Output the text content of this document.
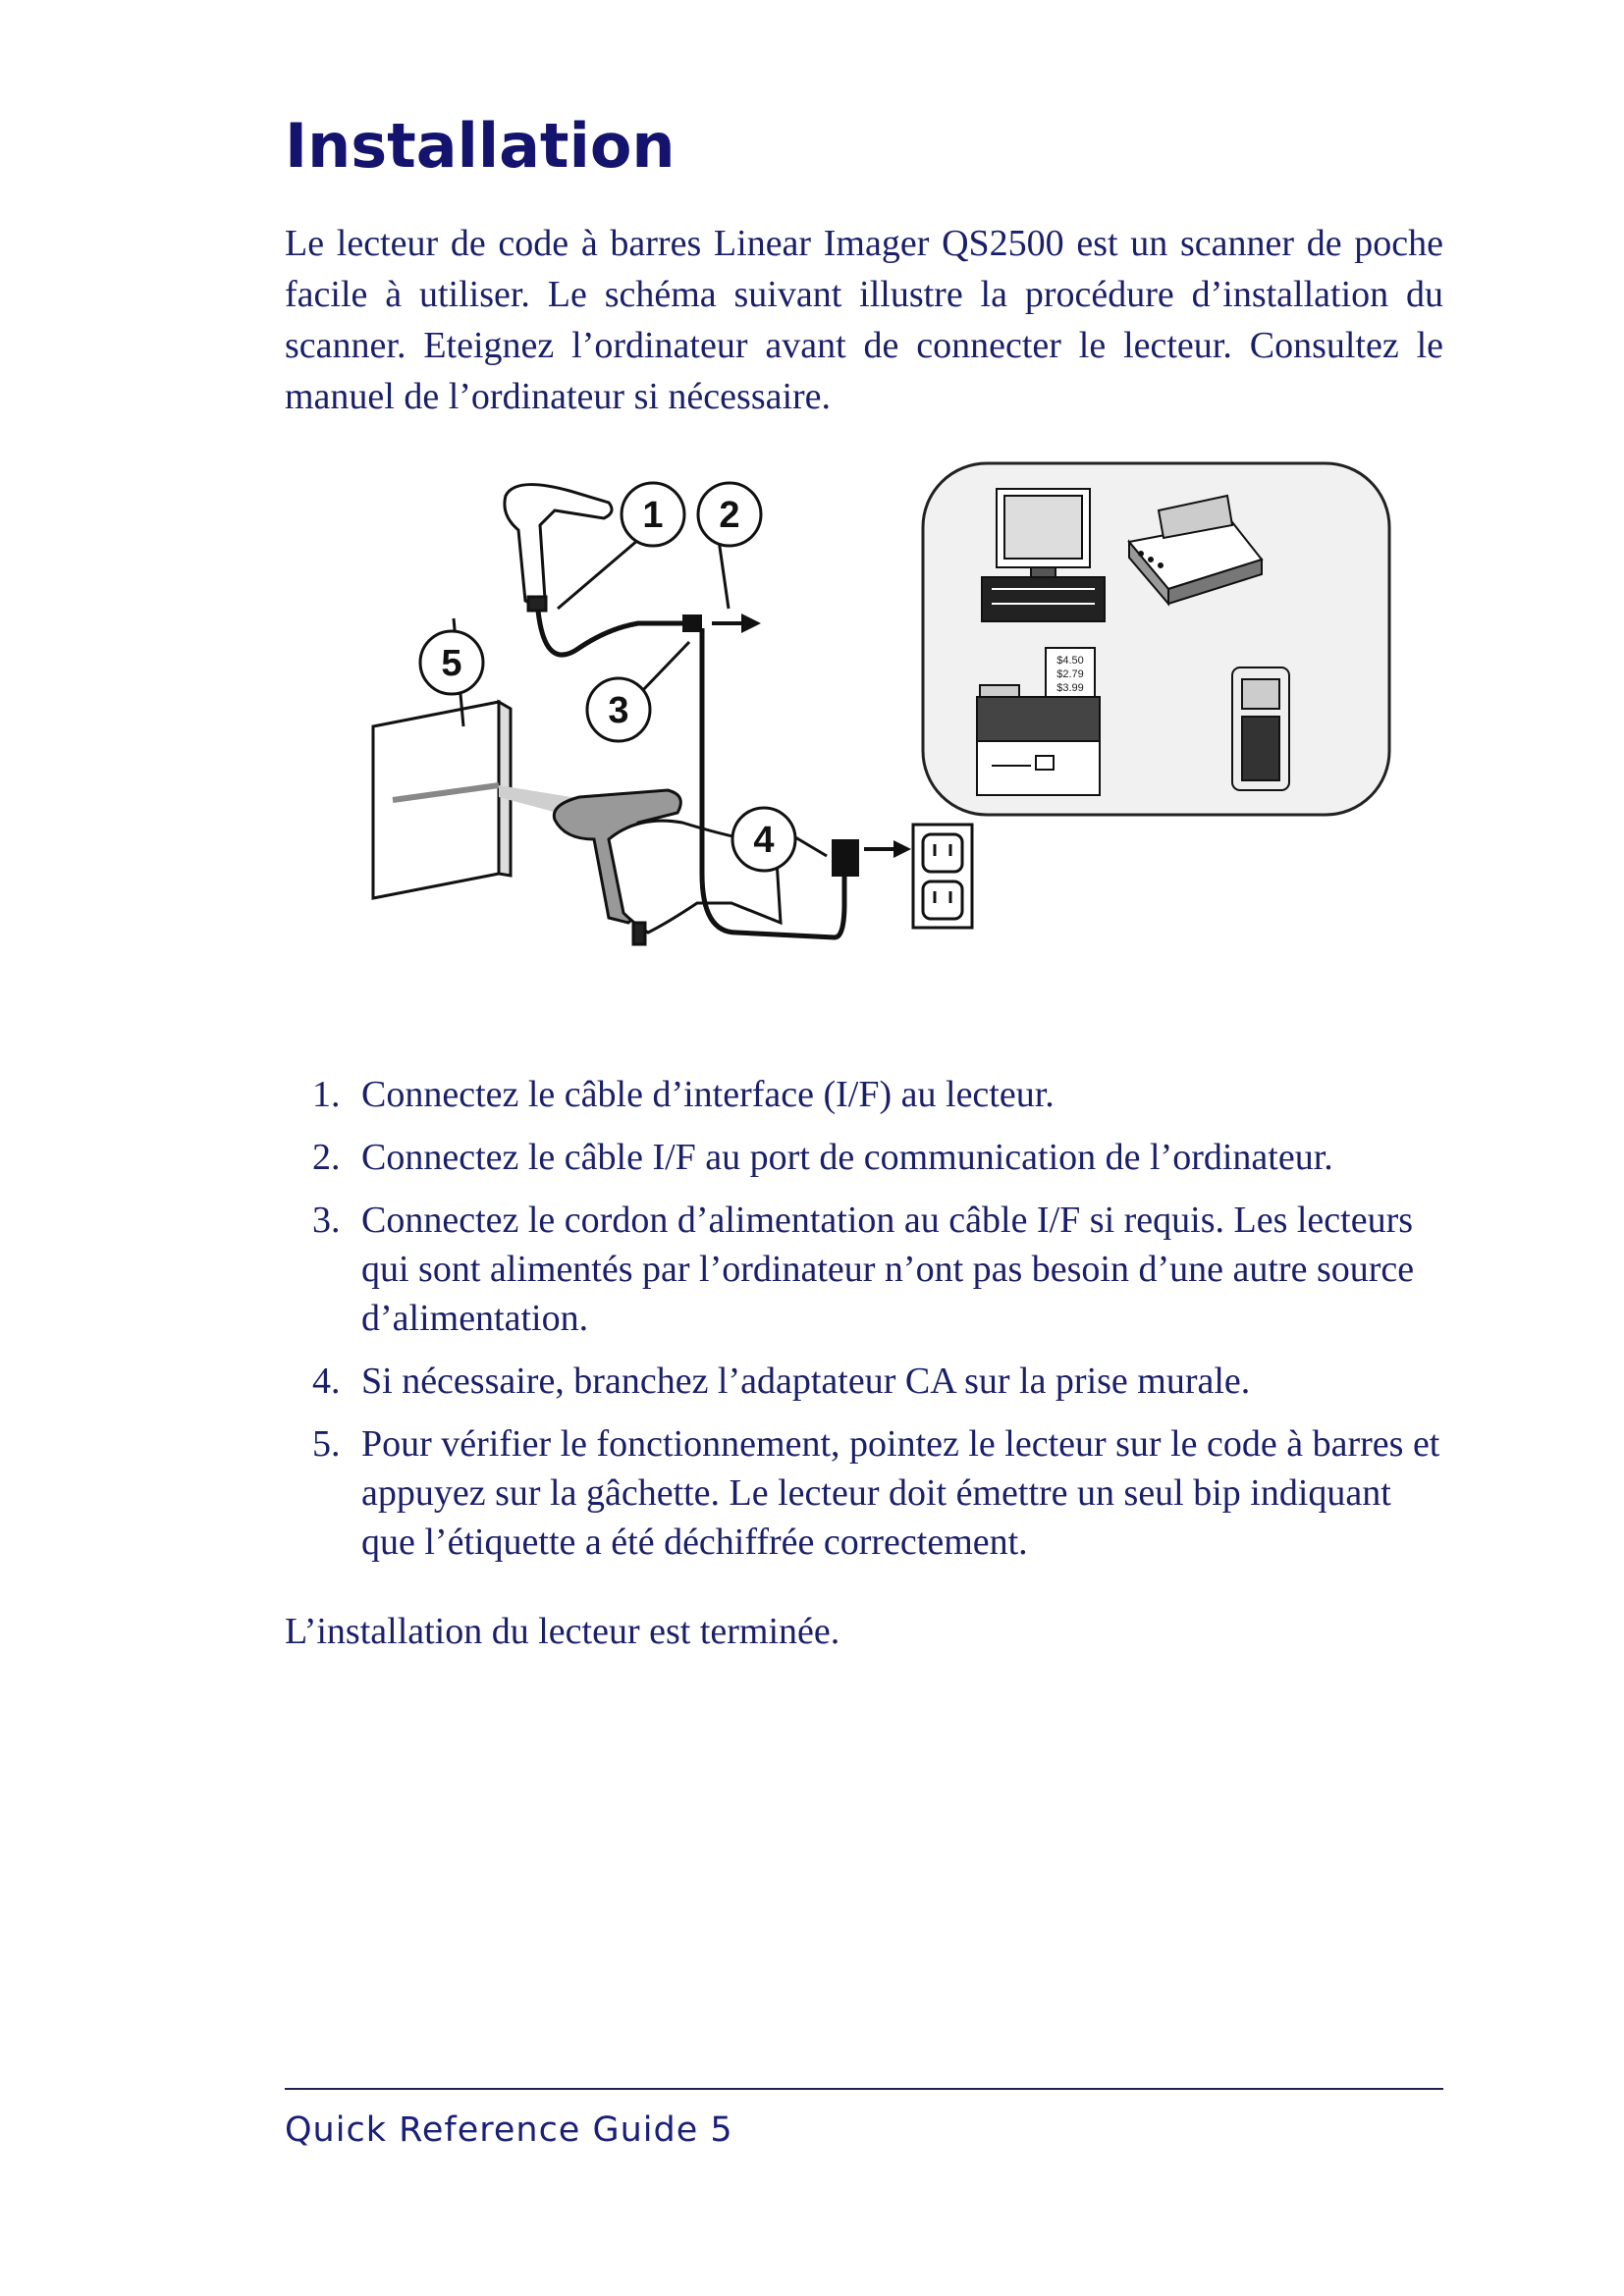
Installation

Le lecteur de code à barres Linear Imager QS2500 est un scanner de poche facile à utiliser. Le schéma suivant illustre la procédure d’installation du scanner. Eteignez l’ordinateur avant de connecter le lecteur. Consultez le manuel de l’ordinateur si nécessaire.

$4.50
$2.79
$3.99
1 2
3
4
5
1. Connectez le câble d’interface (I/F) au lecteur.
2. Connectez le câble I/F au port de communication de l’ordinateur.
3. Connectez le cordon d’alimentation au câble I/F si requis. Les lecteurs qui sont alimentés par l’ordinateur n’ont pas besoin d’une autre source d’alimentation.
4. Si nécessaire, branchez l’adaptateur CA sur la prise murale.
5. Pour vérifier le fonctionnement, pointez le lecteur sur le code à barres et appuyez sur la gâchette. Le lecteur doit émettre un seul bip indiquant que l’étiquette a été déchiffrée correctement.

L’installation du lecteur est terminée.

Quick Reference Guide 5
